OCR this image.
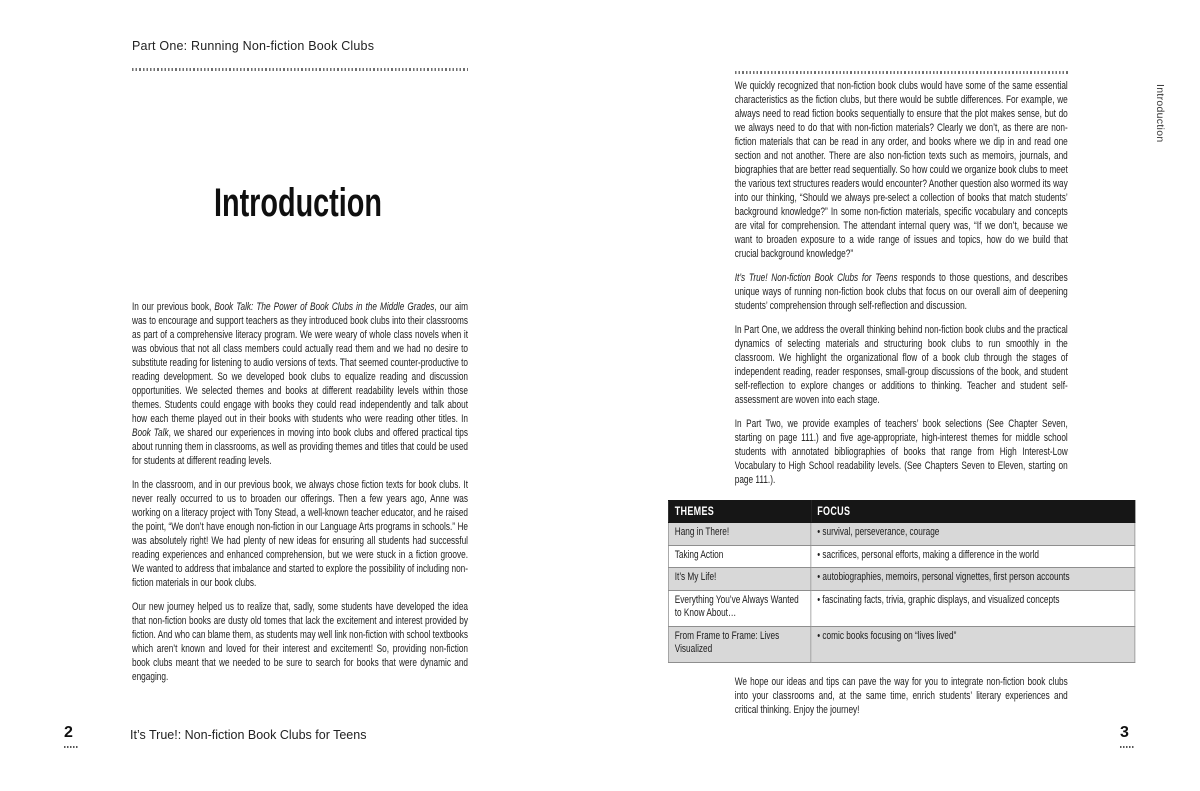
Part One: Running Non-fiction Book Clubs
Introduction

In our previous book, Book Talk: The Power of Book Clubs in the Middle Grades, our aim was to encourage and support teachers as they introduced book clubs into their classrooms as part of a comprehensive literacy program. We were weary of whole class novels when it was obvious that not all class members could actually read them and we had no desire to substitute reading for listening to audio versions of texts. That seemed counter-productive to reading development. So we developed book clubs to equalize reading and discussion opportunities. We selected themes and books at different readability levels within those themes. Students could engage with books they could read independently and talk about how each theme played out in their books with students who were reading other titles. In Book Talk, we shared our experiences in moving into book clubs and offered practical tips about running them in classrooms, as well as providing themes and titles that could be used for students at different reading levels.

In the classroom, and in our previous book, we always chose fiction texts for book clubs. It never really occurred to us to broaden our offerings. Then a few years ago, Anne was working on a literacy project with Tony Stead, a well-known teacher educator, and he raised the point, “We don’t have enough non-fiction in our Language Arts programs in schools.” He was absolutely right! We had plenty of new ideas for ensuring all students had successful reading experiences and enhanced comprehension, but we were stuck in a fiction groove. We wanted to address that imbalance and started to explore the possibility of including non-fiction materials in our book clubs.

Our new journey helped us to realize that, sadly, some students have developed the idea that non-fiction books are dusty old tomes that lack the excitement and interest provided by fiction. And who can blame them, as students may well link non-fiction with school textbooks which aren’t known and loved for their interest and excitement! So, providing non-fiction book clubs meant that we needed to be sure to search for books that were dynamic and engaging.

2	It’s True!: Non-fiction Book Clubs for Teens

We quickly recognized that non-fiction book clubs would have some of the same essential characteristics as the fiction clubs, but there would be subtle differences. For example, we always need to read fiction books sequentially to ensure that the plot makes sense, but do we always need to do that with non-fiction materials? Clearly we don’t, as there are non-fiction materials that can be read in any order, and books where we dip in and read one section and not another. There are also non-fiction texts such as memoirs, journals, and biographies that are better read sequentially. So how could we organize book clubs to meet the various text structures readers would encounter? Another question also wormed its way into our thinking, “Should we always pre-select a collection of books that match students’ background knowledge?” In some non-fiction materials, specific vocabulary and concepts are vital for comprehension. The attendant internal query was, “If we don’t, because we want to broaden exposure to a wide range of issues and topics, how do we build that crucial background knowledge?”

It’s True! Non-fiction Book Clubs for Teens responds to those questions, and describes unique ways of running non-fiction book clubs that focus on our overall aim of deepening students’ comprehension through self-reflection and discussion.

In Part One, we address the overall thinking behind non-fiction book clubs and the practical dynamics of selecting materials and structuring book clubs to run smoothly in the classroom. We highlight the organizational flow of a book club through the stages of independent reading, reader responses, small-group discussions of the book, and student self-reflection to explore changes or additions to thinking. Teacher and student self-assessment are woven into each stage.

In Part Two, we provide examples of teachers’ book selections (See Chapter Seven, starting on page 111.) and five age-appropriate, high-interest themes for middle school students with annotated bibliographies of books that range from High Interest-Low Vocabulary to High School readability levels. (See Chapters Seven to Eleven, starting on page 111.).

THEMES	FOCUS
Hang in There!	• survival, perseverance, courage
Taking Action	• sacrifices, personal efforts, making a difference in the world
It’s My Life!	• autobiographies, memoirs, personal vignettes, first person accounts
Everything You’ve Always Wanted to Know About…	• fascinating facts, trivia, graphic displays, and visualized concepts
From Frame to Frame: Lives Visualized	• comic books focusing on “lives lived”

We hope our ideas and tips can pave the way for you to integrate non-fiction book clubs into your classrooms and, at the same time, enrich students’ literary experiences and critical thinking. Enjoy the journey!

Introduction
3
